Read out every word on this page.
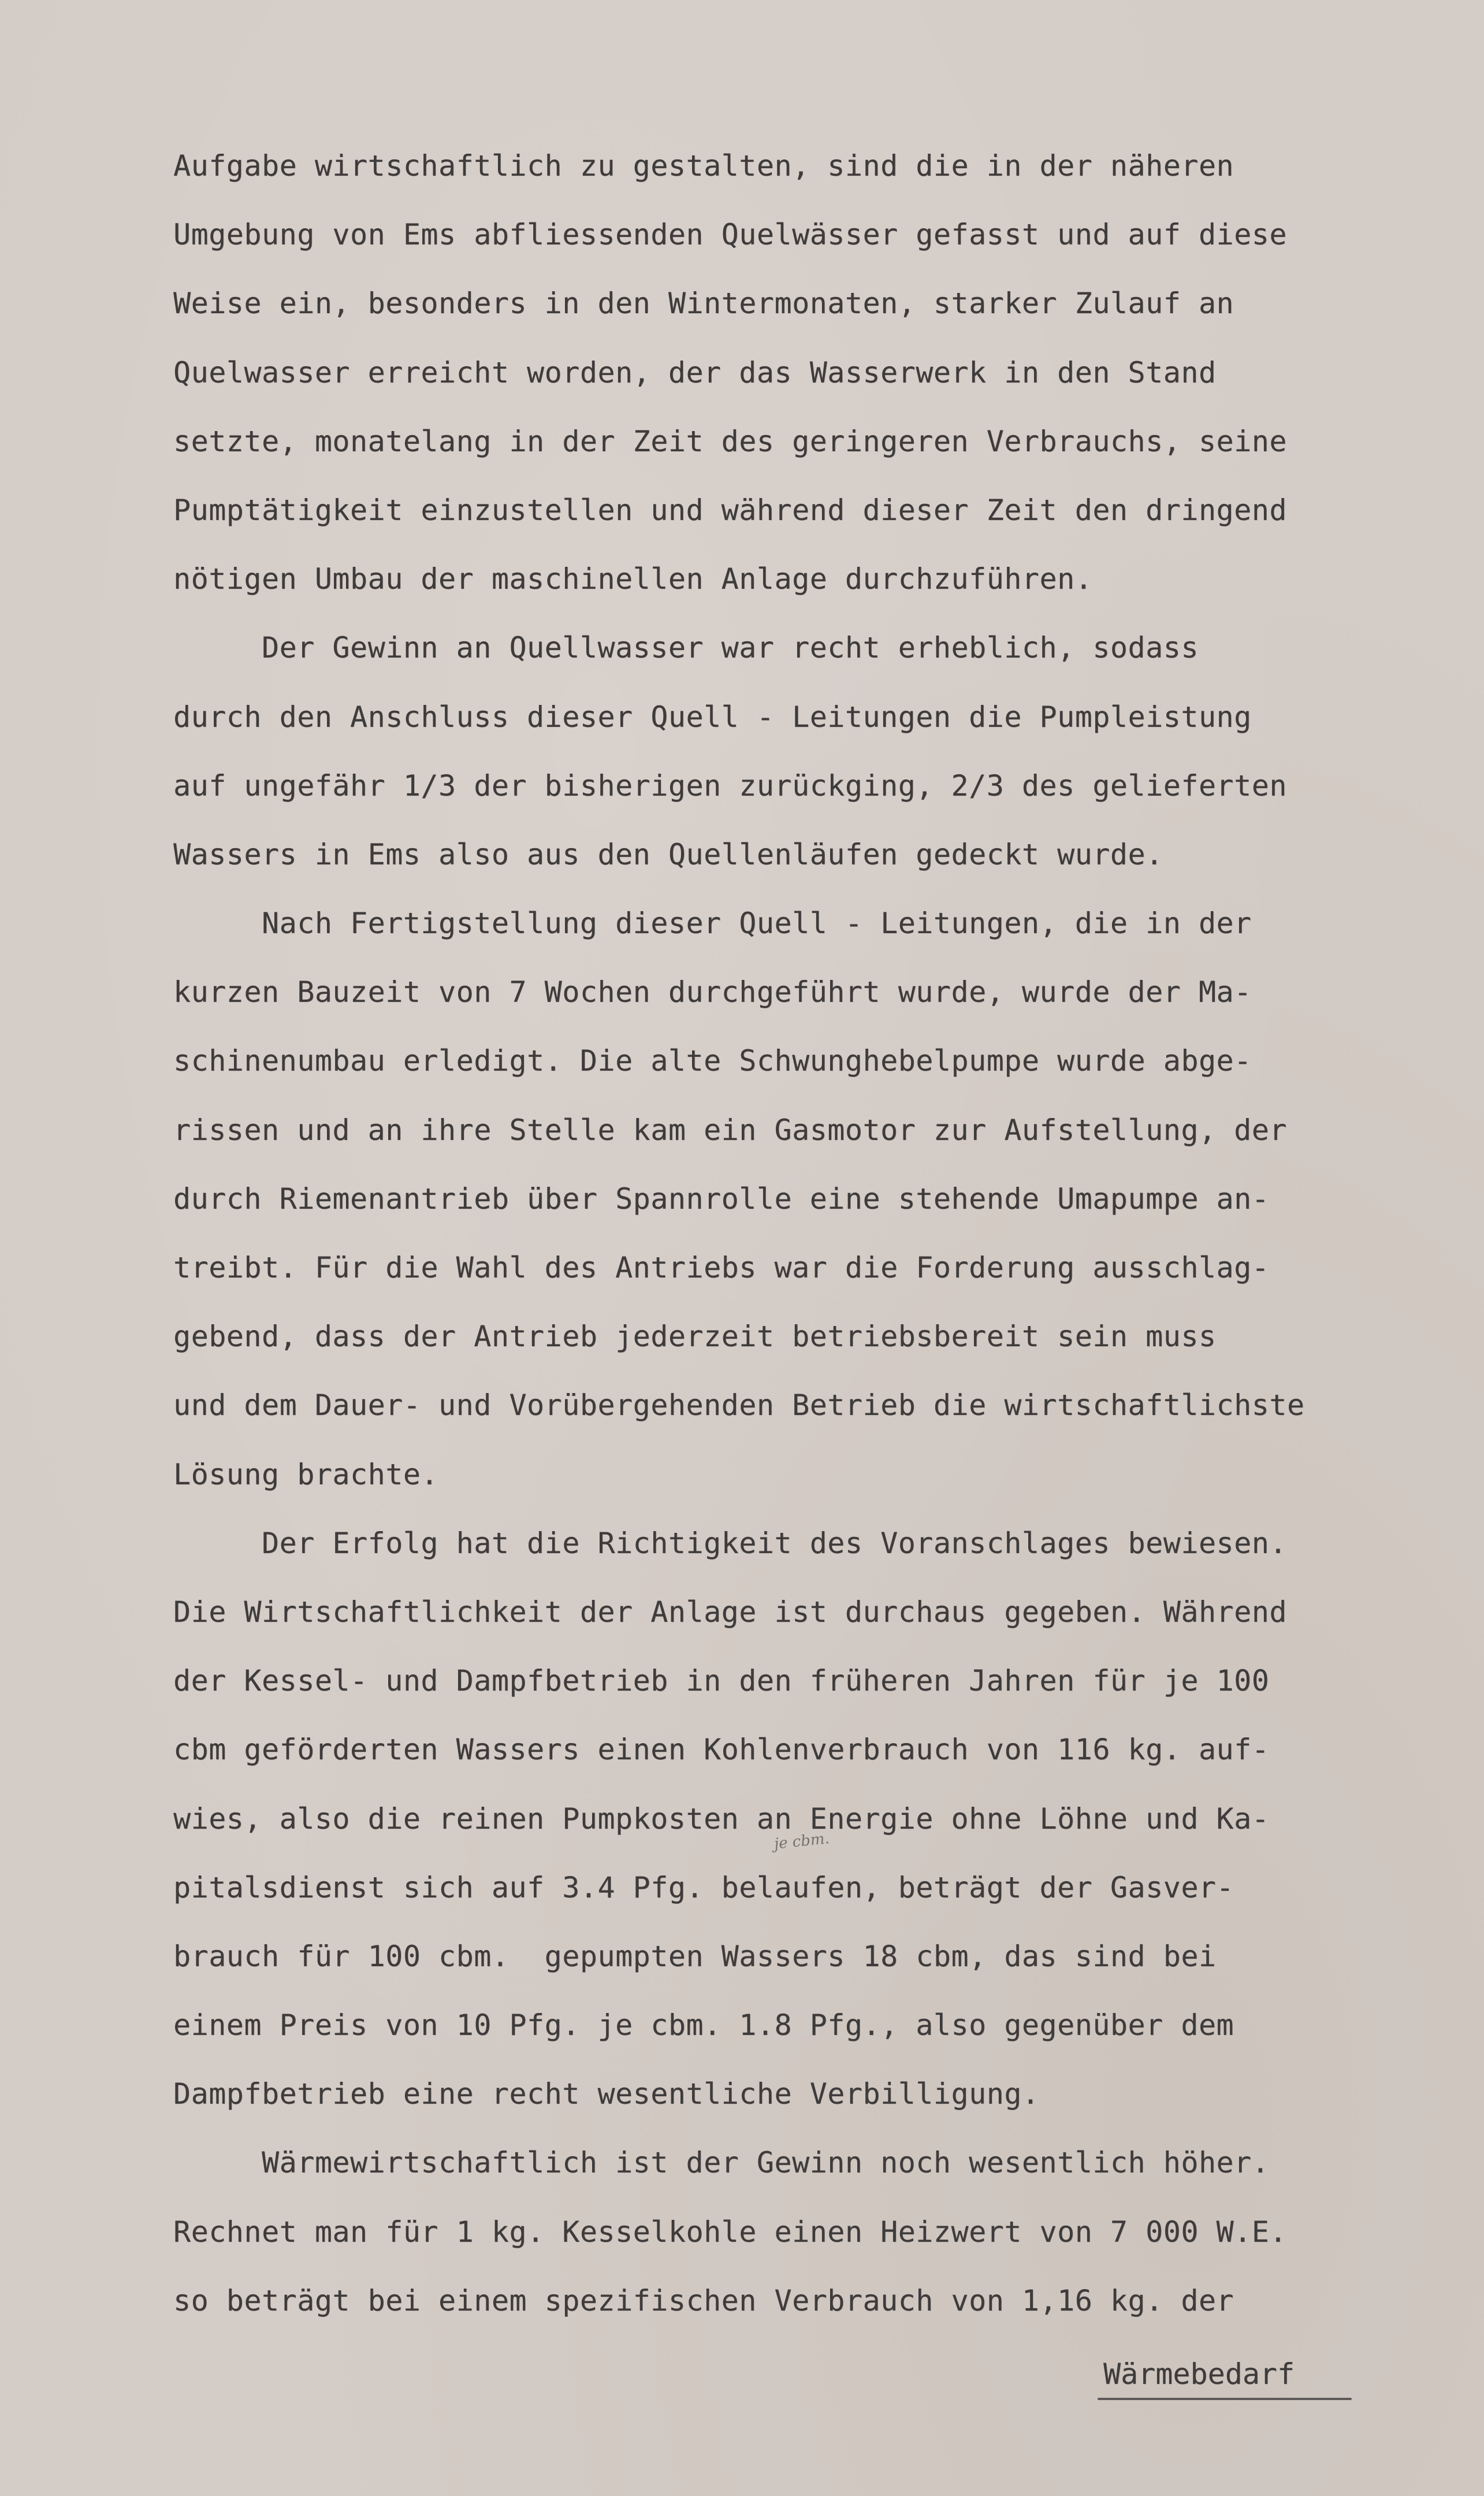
Aufgabe wirtschaftlich zu gestalten, sind die in der näheren
Umgebung von Ems abfliessenden Quelwässer gefasst und auf diese
Weise ein, besonders in den Wintermonaten, starker Zulauf an
Quelwasser erreicht worden, der das Wasserwerk in den Stand
setzte, monatelang in der Zeit des geringeren Verbrauchs, seine
Pumptätigkeit einzustellen und während dieser Zeit den dringend
nötigen Umbau der maschinellen Anlage durchzuführen.
Der Gewinn an Quellwasser war recht erheblich, sodass
durch den Anschluss dieser Quell - Leitungen die Pumpleistung
auf ungefähr 1/3 der bisherigen zurückging, 2/3 des gelieferten
Wassers in Ems also aus den Quellenläufen gedeckt wurde.
Nach Fertigstellung dieser Quell - Leitungen, die in der
kurzen Bauzeit von 7 Wochen durchgeführt wurde, wurde der Ma-
schinenumbau erledigt. Die alte Schwunghebelpumpe wurde abge-
rissen und an ihre Stelle kam ein Gasmotor zur Aufstellung, der
durch Riemenantrieb über Spannrolle eine stehende Umapumpe an-
treibt. Für die Wahl des Antriebs war die Forderung ausschlag-
gebend, dass der Antrieb jederzeit betriebsbereit sein muss
und dem Dauer- und Vorübergehenden Betrieb die wirtschaftlichste
Lösung brachte.
Der Erfolg hat die Richtigkeit des Voranschlages bewiesen.
Die Wirtschaftlichkeit der Anlage ist durchaus gegeben. Während
der Kessel- und Dampfbetrieb in den früheren Jahren für je 100
cbm geförderten Wassers einen Kohlenverbrauch von 116 kg. auf-
wies, also die reinen Pumpkosten an Energie ohne Löhne und Ka-
pitalsdienst sich auf 3.4 Pfg. belaufen, beträgt der Gasver-
brauch für 100 cbm.  gepumpten Wassers 18 cbm, das sind bei
einem Preis von 10 Pfg. je cbm. 1.8 Pfg., also gegenüber dem
Dampfbetrieb eine recht wesentliche Verbilligung.
Wärmewirtschaftlich ist der Gewinn noch wesentlich höher.
Rechnet man für 1 kg. Kesselkohle einen Heizwert von 7 000 W.E.
so beträgt bei einem spezifischen Verbrauch von 1,16 kg. der
je cbm.
Wärmebedarf
